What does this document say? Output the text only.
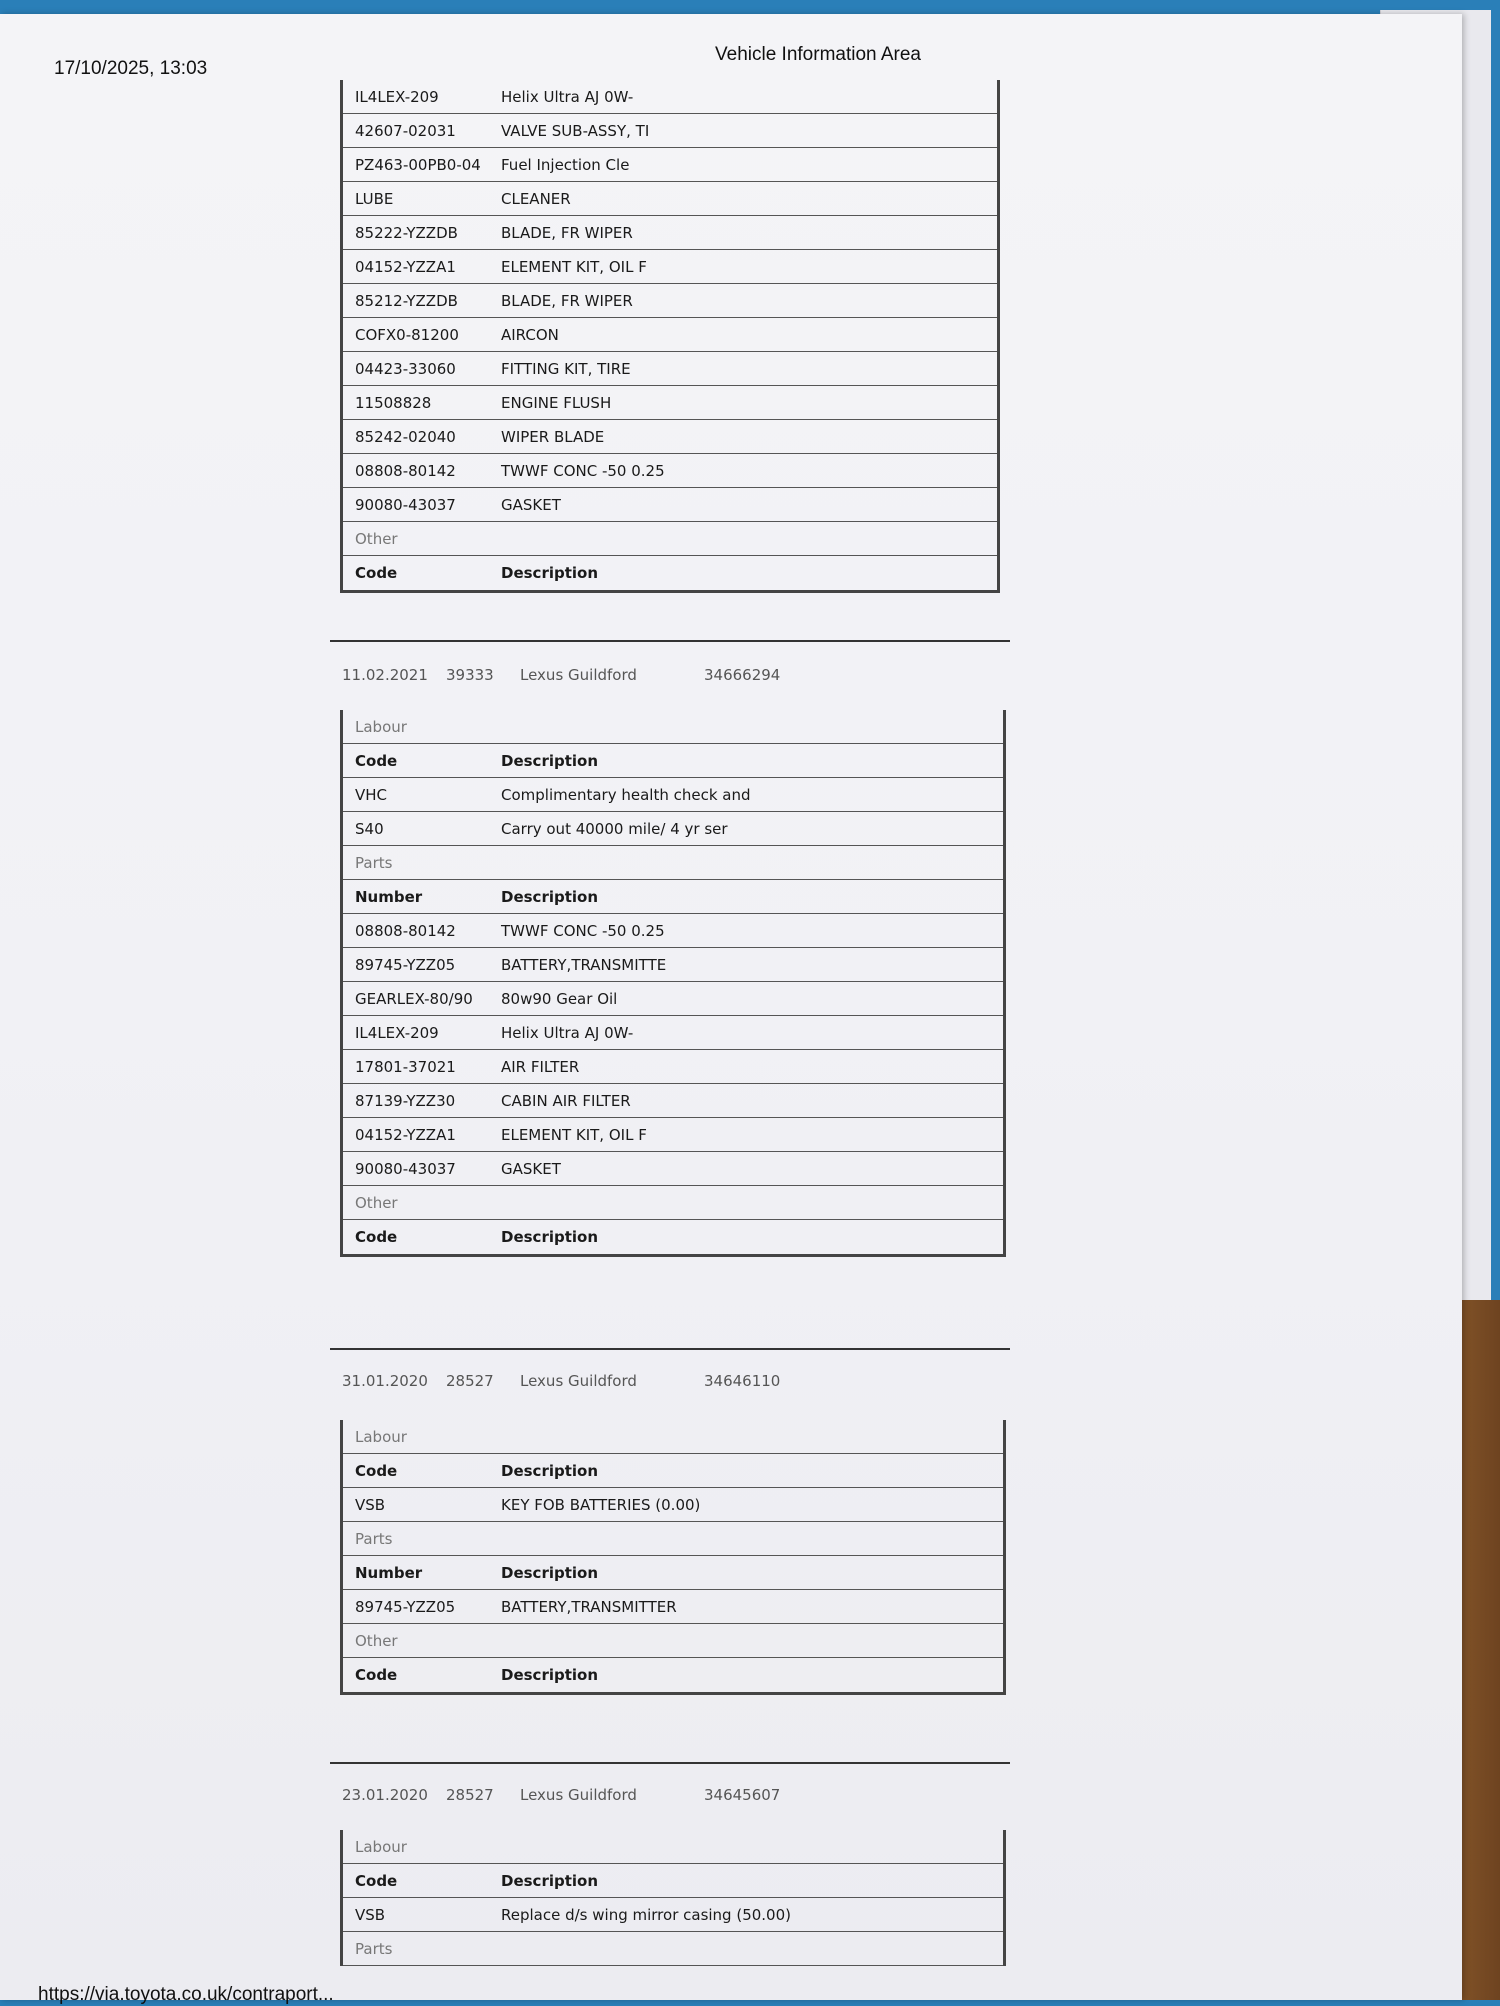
17/10/2025, 13:03
Vehicle Information Area
IL4LEX-209	Helix Ultra AJ 0W-
42607-02031	VALVE SUB-ASSY, TI
PZ463-00PB0-04	Fuel Injection Cle
LUBE	CLEANER
85222-YZZDB	BLADE, FR WIPER
04152-YZZA1	ELEMENT KIT, OIL F
85212-YZZDB	BLADE, FR WIPER
COFX0-81200	AIRCON
04423-33060	FITTING KIT, TIRE
11508828	ENGINE FLUSH
85242-02040	WIPER BLADE
08808-80142	TWWF CONC -50 0.25
90080-43037	GASKET
Other
Code	Description
11.02.2021 39333 Lexus Guildford	34666294
Labour
Code	Description
VHC	Complimentary health check and
S40	Carry out 40000 mile/ 4 yr ser
Parts
Number	Description
08808-80142	TWWF CONC -50 0.25
89745-YZZ05	BATTERY,TRANSMITTE
GEARLEX-80/90	80w90 Gear Oil
IL4LEX-209	Helix Ultra AJ 0W-
17801-37021	AIR FILTER
87139-YZZ30	CABIN AIR FILTER
04152-YZZA1	ELEMENT KIT, OIL F
90080-43037	GASKET
Other
Code	Description
31.01.2020 28527 Lexus Guildford	34646110
Labour
Code	Description
VSB	KEY FOB BATTERIES (0.00)
Parts
Number	Description
89745-YZZ05	BATTERY,TRANSMITTER
Other
Code	Description
23.01.2020 28527 Lexus Guildford	34645607
Labour
Code	Description
VSB	Replace d/s wing mirror casing (50.00)
Parts
https://via.toyota.co.uk/contraport...
